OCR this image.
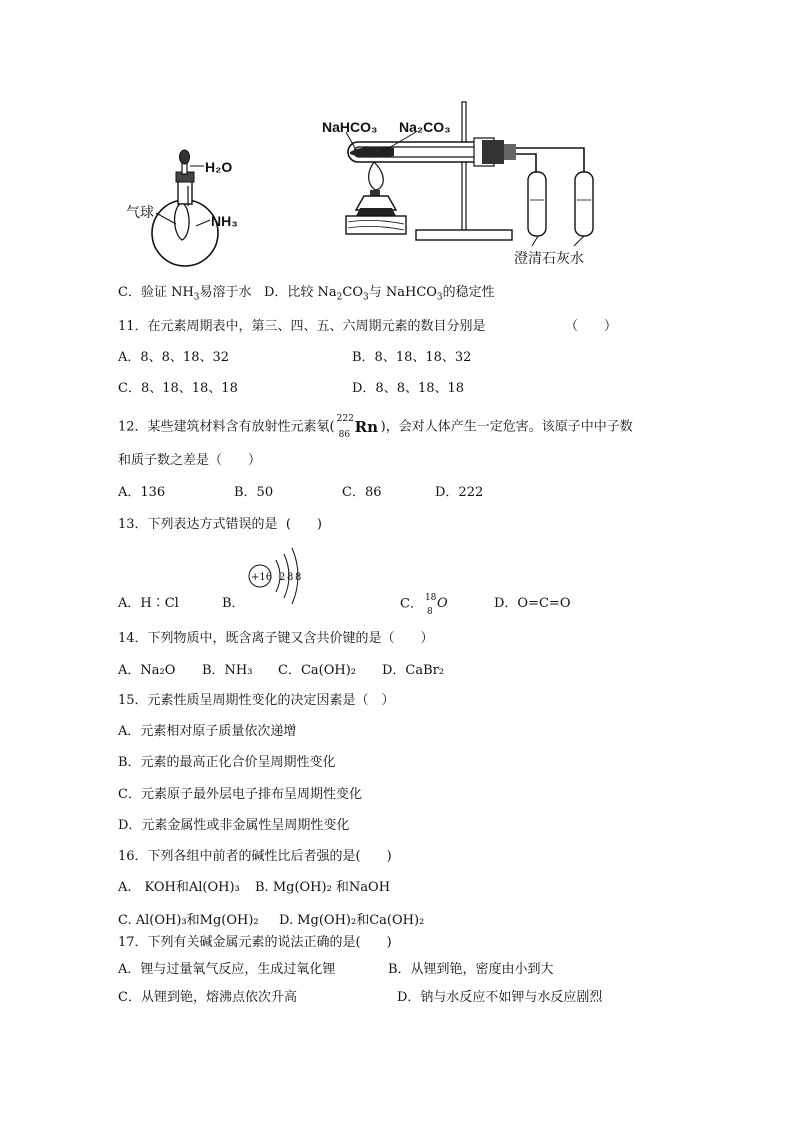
H₂O
气球
NH₃
NaHCO₃ Na₂CO₃
澄清石灰水
C．验证 $NH_3$易溶于水 D．比较 $Na_2CO_3$与 NaHCO$_3$的稳定性
11．在元素周期表中，第三、四、五、六周期元素的数目分别是	（　　）
A．8、8、18、32	B．8、18、18、32
C．8、18、18、18	D．8、8、18、18
12．某些建筑材料含有放射性元素氡(
222
86 Rn )，会对人体产生一定危害。该原子中中子数
和质子数之差是（　　）
A．136	B．50	C．86	D．222
13．下列表达方式错误的是 (　　)
+16 2 8 8
A．H∶Cl	B．	C． 18
8
O	D．O=C=O
14．下列物质中，既含离子键又含共价键的是（　　）
A．Na₂O B．NH₃ C．Ca(OH)₂ D．CaBr₂
15．元素性质呈周期性变化的决定因素是（　）
A．元素相对原子质量依次递增
B．元素的最高正化合价呈周期性变化
C．元素原子最外层电子排布呈周期性变化
D．元素金属性或非金属性呈周期性变化
16．下列各组中前者的碱性比后者强的是(　　)
A.　KOH和Al(OH)₃ B. Mg(OH)₂ 和NaOH
C. Al(OH)₃和Mg(OH)₂ D. Mg(OH)₂和Ca(OH)₂
17．下列有关碱金属元素的说法正确的是(　　)
A．锂与过量氧气反应，生成过氧化锂	B．从锂到铯，密度由小到大
C．从锂到铯，熔沸点依次升高	D．钠与水反应不如钾与水反应剧烈
